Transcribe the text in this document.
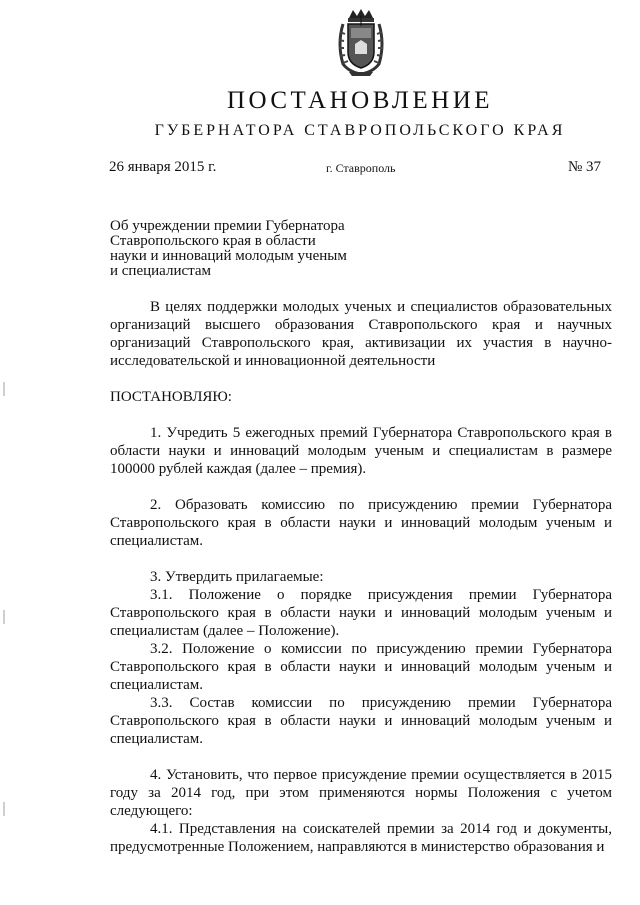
ПОСТАНОВЛЕНИЕ
ГУБЕРНАТОРА СТАВРОПОЛЬСКОГО КРАЯ
26 января 2015 г.	г. Ставрополь	№ 37
Об учреждении премии Губернатора
Ставропольского края в области
науки и инноваций молодым ученым
и специалистам

В целях поддержки молодых ученых и специалистов образовательных организаций высшего образования Ставропольского края и научных организаций Ставропольского края, активизации их участия в научно-исследовательской и инновационной деятельности

ПОСТАНОВЛЯЮ:

1. Учредить 5 ежегодных премий Губернатора Ставропольского края в области науки и инноваций молодым ученым и специалистам в размере 100000 рублей каждая (далее – премия).

2. Образовать комиссию по присуждению премии Губернатора Ставропольского края в области науки и инноваций молодым ученым и специалистам.

3. Утвердить прилагаемые:

3.1. Положение о порядке присуждения премии Губернатора Ставропольского края в области науки и инноваций молодым ученым и специалистам (далее – Положение).

3.2. Положение о комиссии по присуждению премии Губернатора Ставропольского края в области науки и инноваций молодым ученым и специалистам.

3.3. Состав комиссии по присуждению премии Губернатора Ставропольского края в области науки и инноваций молодым ученым и специалистам.

4. Установить, что первое присуждение премии осуществляется в 2015 году за 2014 год, при этом применяются нормы Положения с учетом следующего:

4.1. Представления на соискателей премии за 2014 год и документы, предусмотренные Положением, направляются в министерство образования и
